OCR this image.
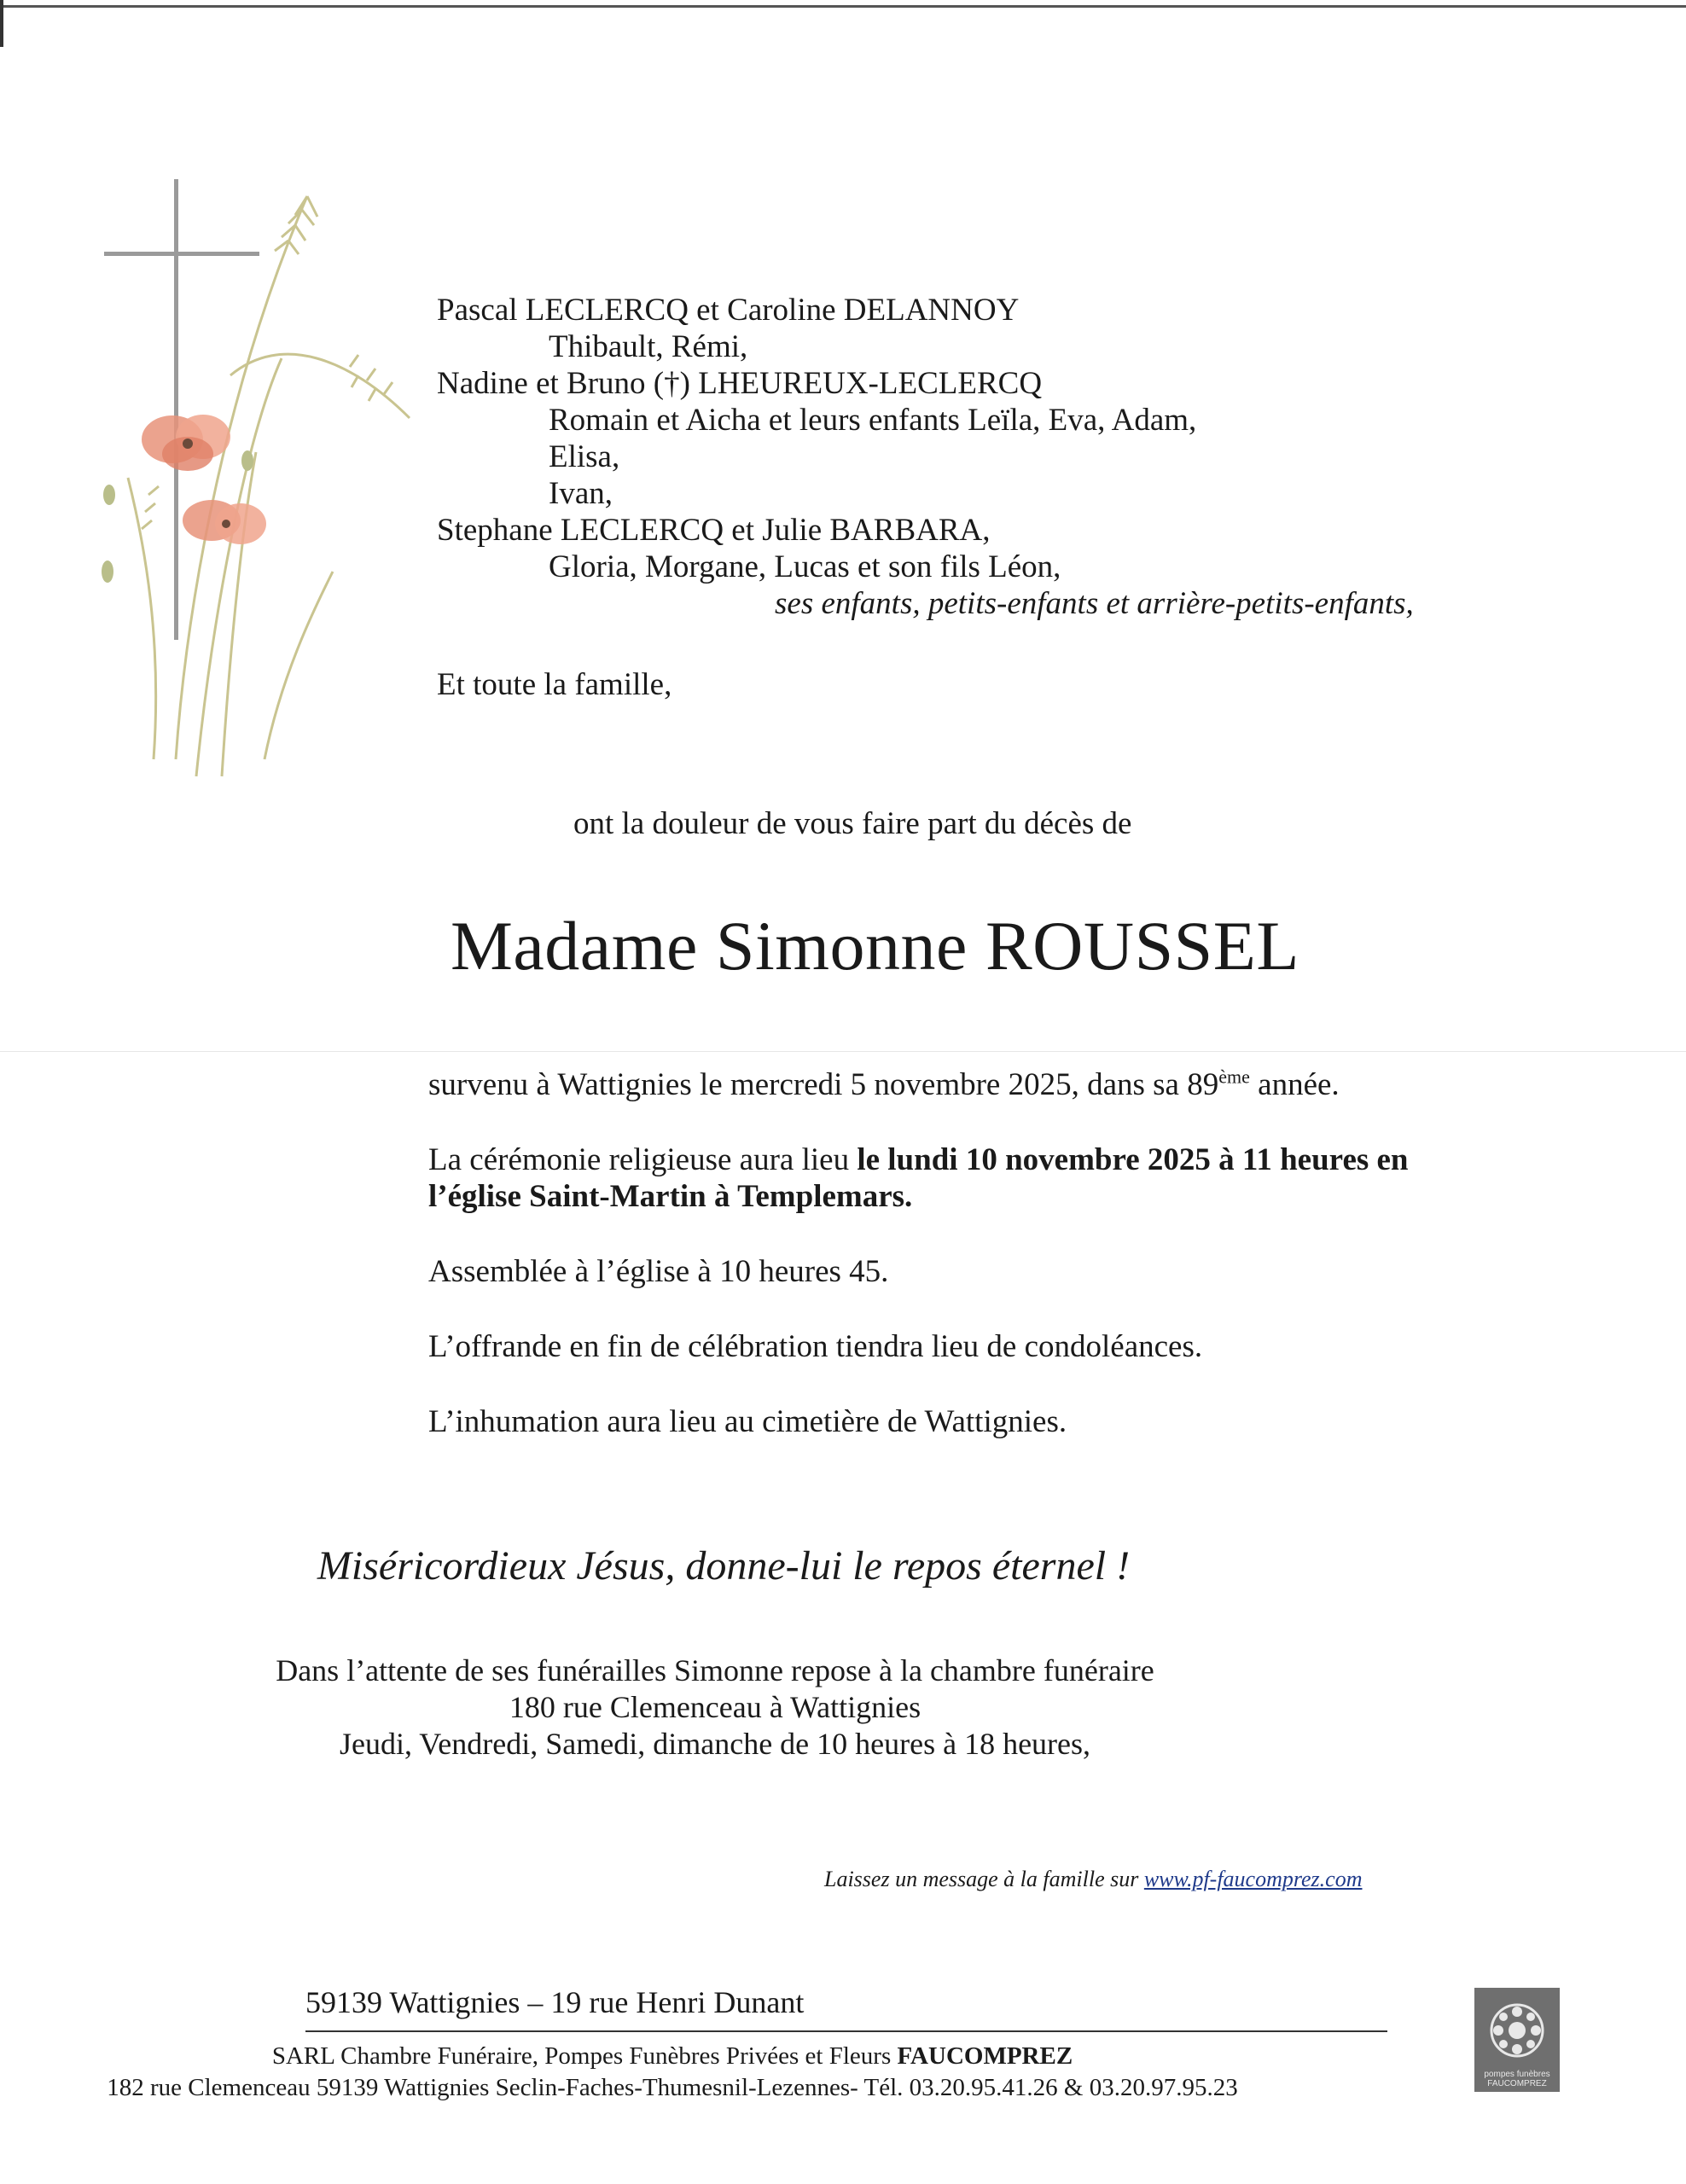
Pascal LECLERCQ et Caroline DELANNOY
Thibault, Rémi,
Nadine et Bruno (†) LHEUREUX-LECLERCQ
Romain et Aicha et leurs enfants Leïla, Eva, Adam,
Elisa,
Ivan,
Stephane LECLERCQ et Julie BARBARA,
Gloria, Morgane, Lucas et son fils Léon,
ses enfants, petits-enfants et arrière-petits-enfants,
Et toute la famille,
ont la douleur de vous faire part du décès de
Madame Simonne ROUSSEL

survenu à Wattignies le mercredi 5 novembre 2025, dans sa 89ème année.

La cérémonie religieuse aura lieu le lundi 10 novembre 2025 à 11 heures en
l’église Saint-Martin à Templemars.

Assemblée à l’église à 10 heures 45.

L’offrande en fin de célébration tiendra lieu de condoléances.

L’inhumation aura lieu au cimetière de Wattignies.

Miséricordieux Jésus, donne-lui le repos éternel !
Dans l’attente de ses funérailles Simonne repose à la chambre funéraire
180 rue Clemenceau à Wattignies
Jeudi, Vendredi, Samedi, dimanche de 10 heures à 18 heures,
Laissez un message à la famille sur www.pf-faucomprez.com
59139 Wattignies – 19 rue Henri Dunant
SARL Chambre Funéraire, Pompes Funèbres Privées et Fleurs FAUCOMPREZ
182 rue Clemenceau 59139 Wattignies Seclin-Faches-Thumesnil-Lezennes- Tél. 03.20.95.41.26 & 03.20.97.95.23	pompes funèbres
FAUCOMPREZ
